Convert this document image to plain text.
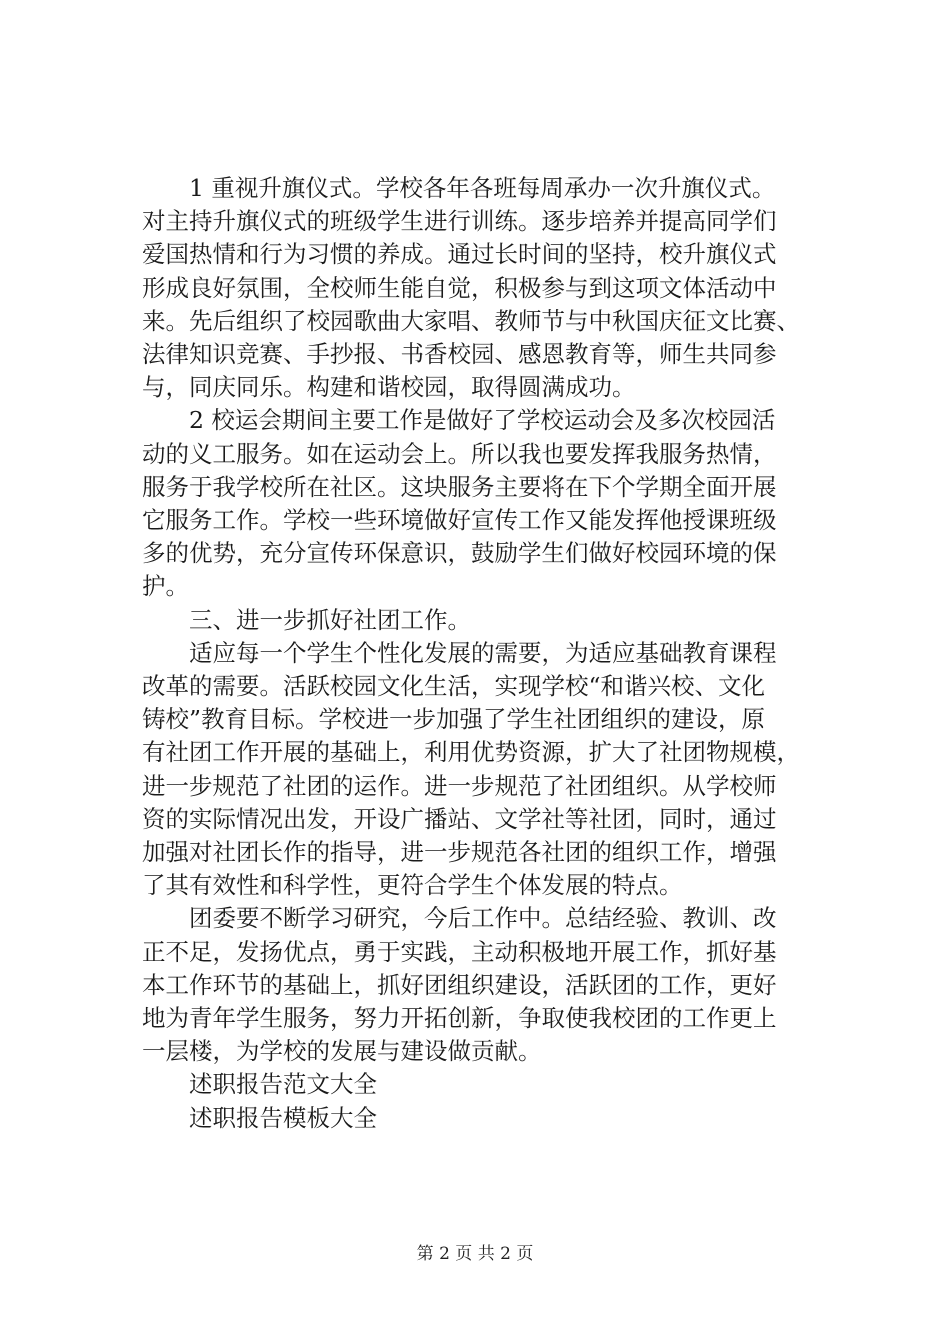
1 重视升旗仪式。学校各年各班每周承办一次升旗仪式。
对主持升旗仪式的班级学生进行训练。逐步培养并提高同学们
爱国热情和行为习惯的养成。通过长时间的坚持，校升旗仪式
形成良好氛围，全校师生能自觉，积极参与到这项文体活动中
来。先后组织了校园歌曲大家唱、教师节与中秋国庆征文比赛、
法律知识竞赛、手抄报、书香校园、感恩教育等，师生共同参
与，同庆同乐。构建和谐校园，取得圆满成功。

2 校运会期间主要工作是做好了学校运动会及多次校园活
动的义工服务。如在运动会上。所以我也要发挥我服务热情，
服务于我学校所在社区。这块服务主要将在下个学期全面开展
它服务工作。学校一些环境做好宣传工作又能发挥他授课班级
多的优势，充分宣传环保意识，鼓励学生们做好校园环境的保
护。

三、进一步抓好社团工作。

适应每一个学生个性化发展的需要，为适应基础教育课程
改革的需要。活跃校园文化生活，实现学校“和谐兴校、文化
铸校”教育目标。学校进一步加强了学生社团组织的建设，原
有社团工作开展的基础上，利用优势资源，扩大了社团物规模，
进一步规范了社团的运作。进一步规范了社团组织。从学校师
资的实际情况出发，开设广播站、文学社等社团，同时，通过
加强对社团长作的指导，进一步规范各社团的组织工作，增强
了其有效性和科学性，更符合学生个体发展的特点。

团委要不断学习研究，今后工作中。总结经验、教训、改
正不足，发扬优点，勇于实践，主动积极地开展工作，抓好基
本工作环节的基础上，抓好团组织建设，活跃团的工作，更好
地为青年学生服务，努力开拓创新，争取使我校团的工作更上
一层楼，为学校的发展与建设做贡献。

述职报告范文大全

述职报告模板大全

第 2 页 共 2 页
